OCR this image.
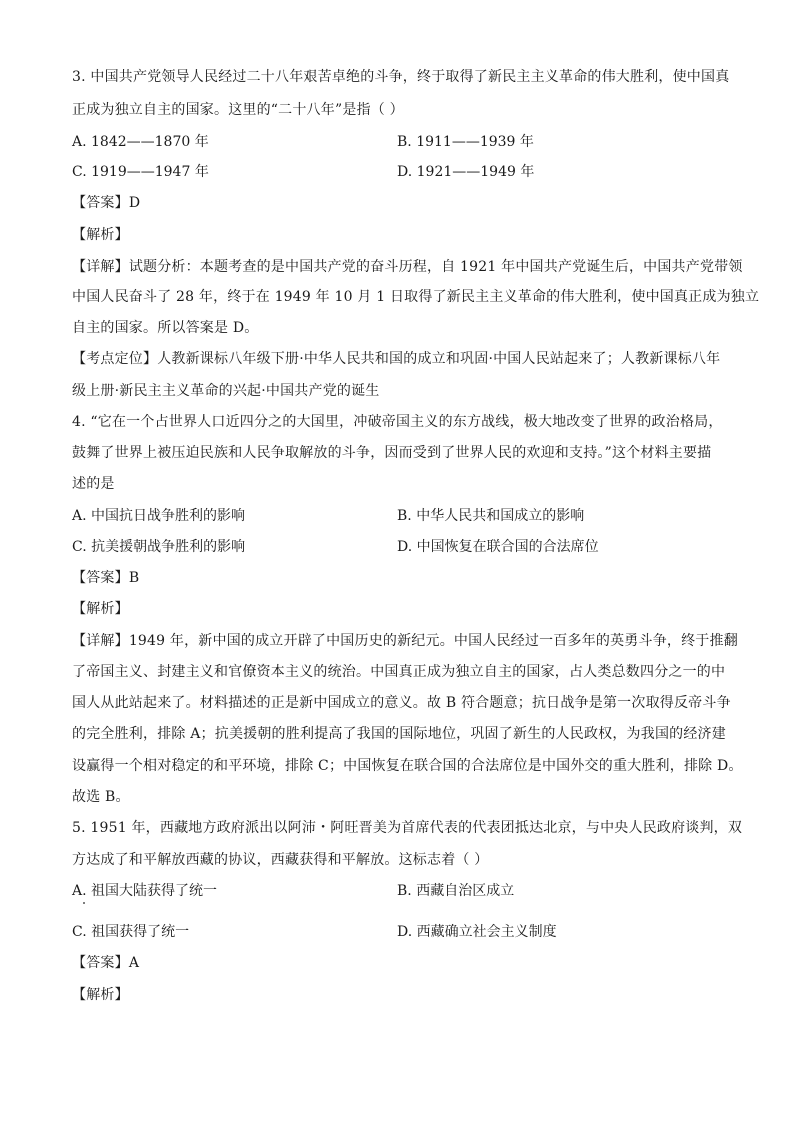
3. 中国共产党领导人民经过二十八年艰苦卓绝的斗争，终于取得了新民主主义革命的伟大胜利，使中国真
正成为独立自主的国家。这里的“二十八年”是指（ ）
A. 1842——1870 年	B. 1911——1939 年
C. 1919——1947 年	D. 1921——1949 年
【答案】D
【解析】
【详解】试题分析：本题考查的是中国共产党的奋斗历程，自 1921 年中国共产党诞生后，中国共产党带领
中国人民奋斗了 28 年，终于在 1949 年 10 月 1 日取得了新民主主义革命的伟大胜利，使中国真正成为独立
自主的国家。所以答案是 D。
【考点定位】人教新课标八年级下册·中华人民共和国的成立和巩固·中国人民站起来了；人教新课标八年
级上册·新民主主义革命的兴起·中国共产党的诞生
4. “它在一个占世界人口近四分之的大国里，冲破帝国主义的东方战线，极大地改变了世界的政治格局，
鼓舞了世界上被压迫民族和人民争取解放的斗争，因而受到了世界人民的欢迎和支持。”这个材料主要描
述的是
A. 中国抗日战争胜利的影响	B. 中华人民共和国成立的影响
C. 抗美援朝战争胜利的影响	D. 中国恢复在联合国的合法席位
【答案】B
【解析】
【详解】1949 年，新中国的成立开辟了中国历史的新纪元。中国人民经过一百多年的英勇斗争，终于推翻
了帝国主义、封建主义和官僚资本主义的统治。中国真正成为独立自主的国家，占人类总数四分之一的中
国人从此站起来了。材料描述的正是新中国成立的意义。故 B 符合题意；抗日战争是第一次取得反帝斗争
的完全胜利，排除 A；抗美援朝的胜利提高了我国的国际地位，巩固了新生的人民政权，为我国的经济建
设赢得一个相对稳定的和平环境，排除 C；中国恢复在联合国的合法席位是中国外交的重大胜利，排除 D。
故选 B。
5. 1951 年，西藏地方政府派出以阿沛・阿旺晋美为首席代表的代表团抵达北京，与中央人民政府谈判，双
方达成了和平解放西藏的协议，西藏获得和平解放。这标志着（ ）
A. 祖国大陆获得了统一	B. 西藏自治区成立
C. 祖国获得了统一	D. 西藏确立社会主义制度
【答案】A
【解析】
